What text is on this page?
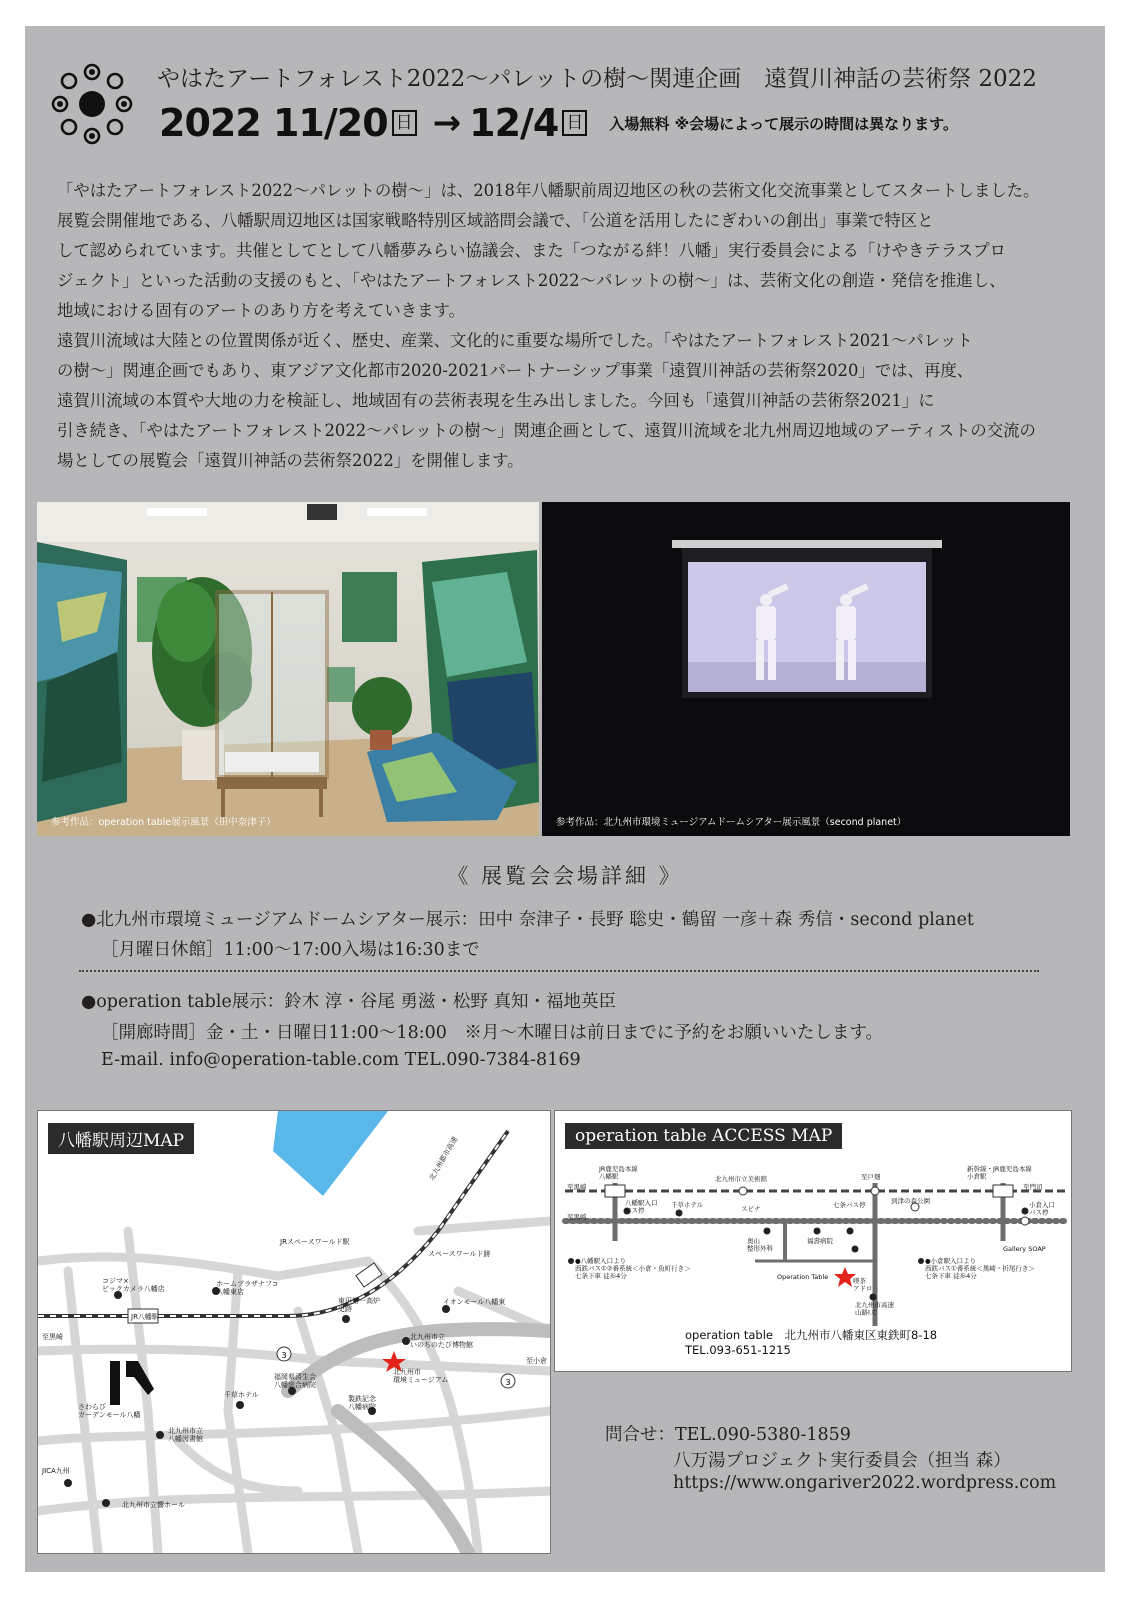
やはたアートフォレスト2022～パレットの樹～関連企画　遠賀川神話の芸術祭 2022
2022 11/20 日 → 12/4 日 入場無料 ※会場によって展示の時間は異なります。

「やはたアートフォレスト2022～パレットの樹～」は、2018年八幡駅前周辺地区の秋の芸術文化交流事業としてスタートしました。
展覧会開催地である、八幡駅周辺地区は国家戦略特別区域諮問会議で、「公道を活用したにぎわいの創出」事業で特区と
して認められています。共催としてとして八幡夢みらい協議会、また「つながる絆！八幡」実行委員会による「けやきテラスプロ
ジェクト」といった活動の支援のもと、「やはたアートフォレスト2022～パレットの樹～」は、芸術文化の創造・発信を推進し、
地域における固有のアートのあり方を考えていきます。

遠賀川流域は大陸との位置関係が近く、歴史、産業、文化的に重要な場所でした。「やはたアートフォレスト2021～パレット
の樹～」関連企画でもあり、東アジア文化都市2020-2021パートナーシップ事業「遠賀川神話の芸術祭2020」では、再度、
遠賀川流域の本質や大地の力を検証し、地域固有の芸術表現を生み出しました。今回も「遠賀川神話の芸術祭2021」に
引き続き、「やはたアートフォレスト2022～パレットの樹～」関連企画として、遠賀川流域を北九州周辺地域のアーティストの交流の
場としての展覧会「遠賀川神話の芸術祭2022」を開催します。

参考作品：operation table展示風景（田中奈津子）	参考作品：北九州市環境ミュージアムドームシアター展示風景（second planet）
《 展覧会会場詳細 》
●北九州市環境ミュージアムドームシアター展示：田中 奈津子・長野 聡史・鶴留 一彦＋森 秀信・second planet
［月曜日休館］11:00～17:00入場は16:30まで
●operation table展示：鈴木 淳・谷尾 勇滋・松野 真知・福地英臣
［開廊時間］金・土・日曜日11:00～18:00　※月～木曜日は前日までに予約をお願いいたします。
E-mail. info@operation-table.com TEL.090-7384-8169
3
3
JR八幡駅
JRスペースワールド駅
スペースワールド跡
コジマ×ビックカメラ八幡店
ホームプラザナフコ八幡東店
東田第一高炉史跡
イオンモール八幡東
北九州市立いのちのたび博物館
北九州市環境ミュージアム
福岡県済生会八幡総合病院
製鉄記念八幡病院
千草ホテル
さわらびガーデンモール八幡
北九州市立八幡図書館
JICA九州
北九州市立響ホール
至黒崎
至小倉
北九州都市高速
八幡駅周辺MAP
JR鹿児島本線八幡駅
新幹線・JR鹿児島本線小倉駅
八幡駅入口バス停
小倉入口バス停
千草ホテル
北九州市立美術館
至門司
スピナ
奥山整形外科
福壽病院
七条バス停	到津の森公園
Gallery SOAP
Operation Table	喫茶アドロ
北九州市高速山路I.C
至戸畑
至黒崎
至黒崎
●八幡駅入口より西鉄バス①②番系統＜小倉・魚町行き＞七条下車 徒歩4分
●小倉駅入口より西鉄バス①番系統＜黒崎・折尾行き＞七条下車 徒歩4分
operation table ACCESS MAP
operation table　北九州市八幡東区東鉄町8-18
TEL.093-651-1215
問合せ：TEL.090-5380-1859
八万湯プロジェクト実行委員会（担当 森）
https://www.ongariver2022.wordpress.com
